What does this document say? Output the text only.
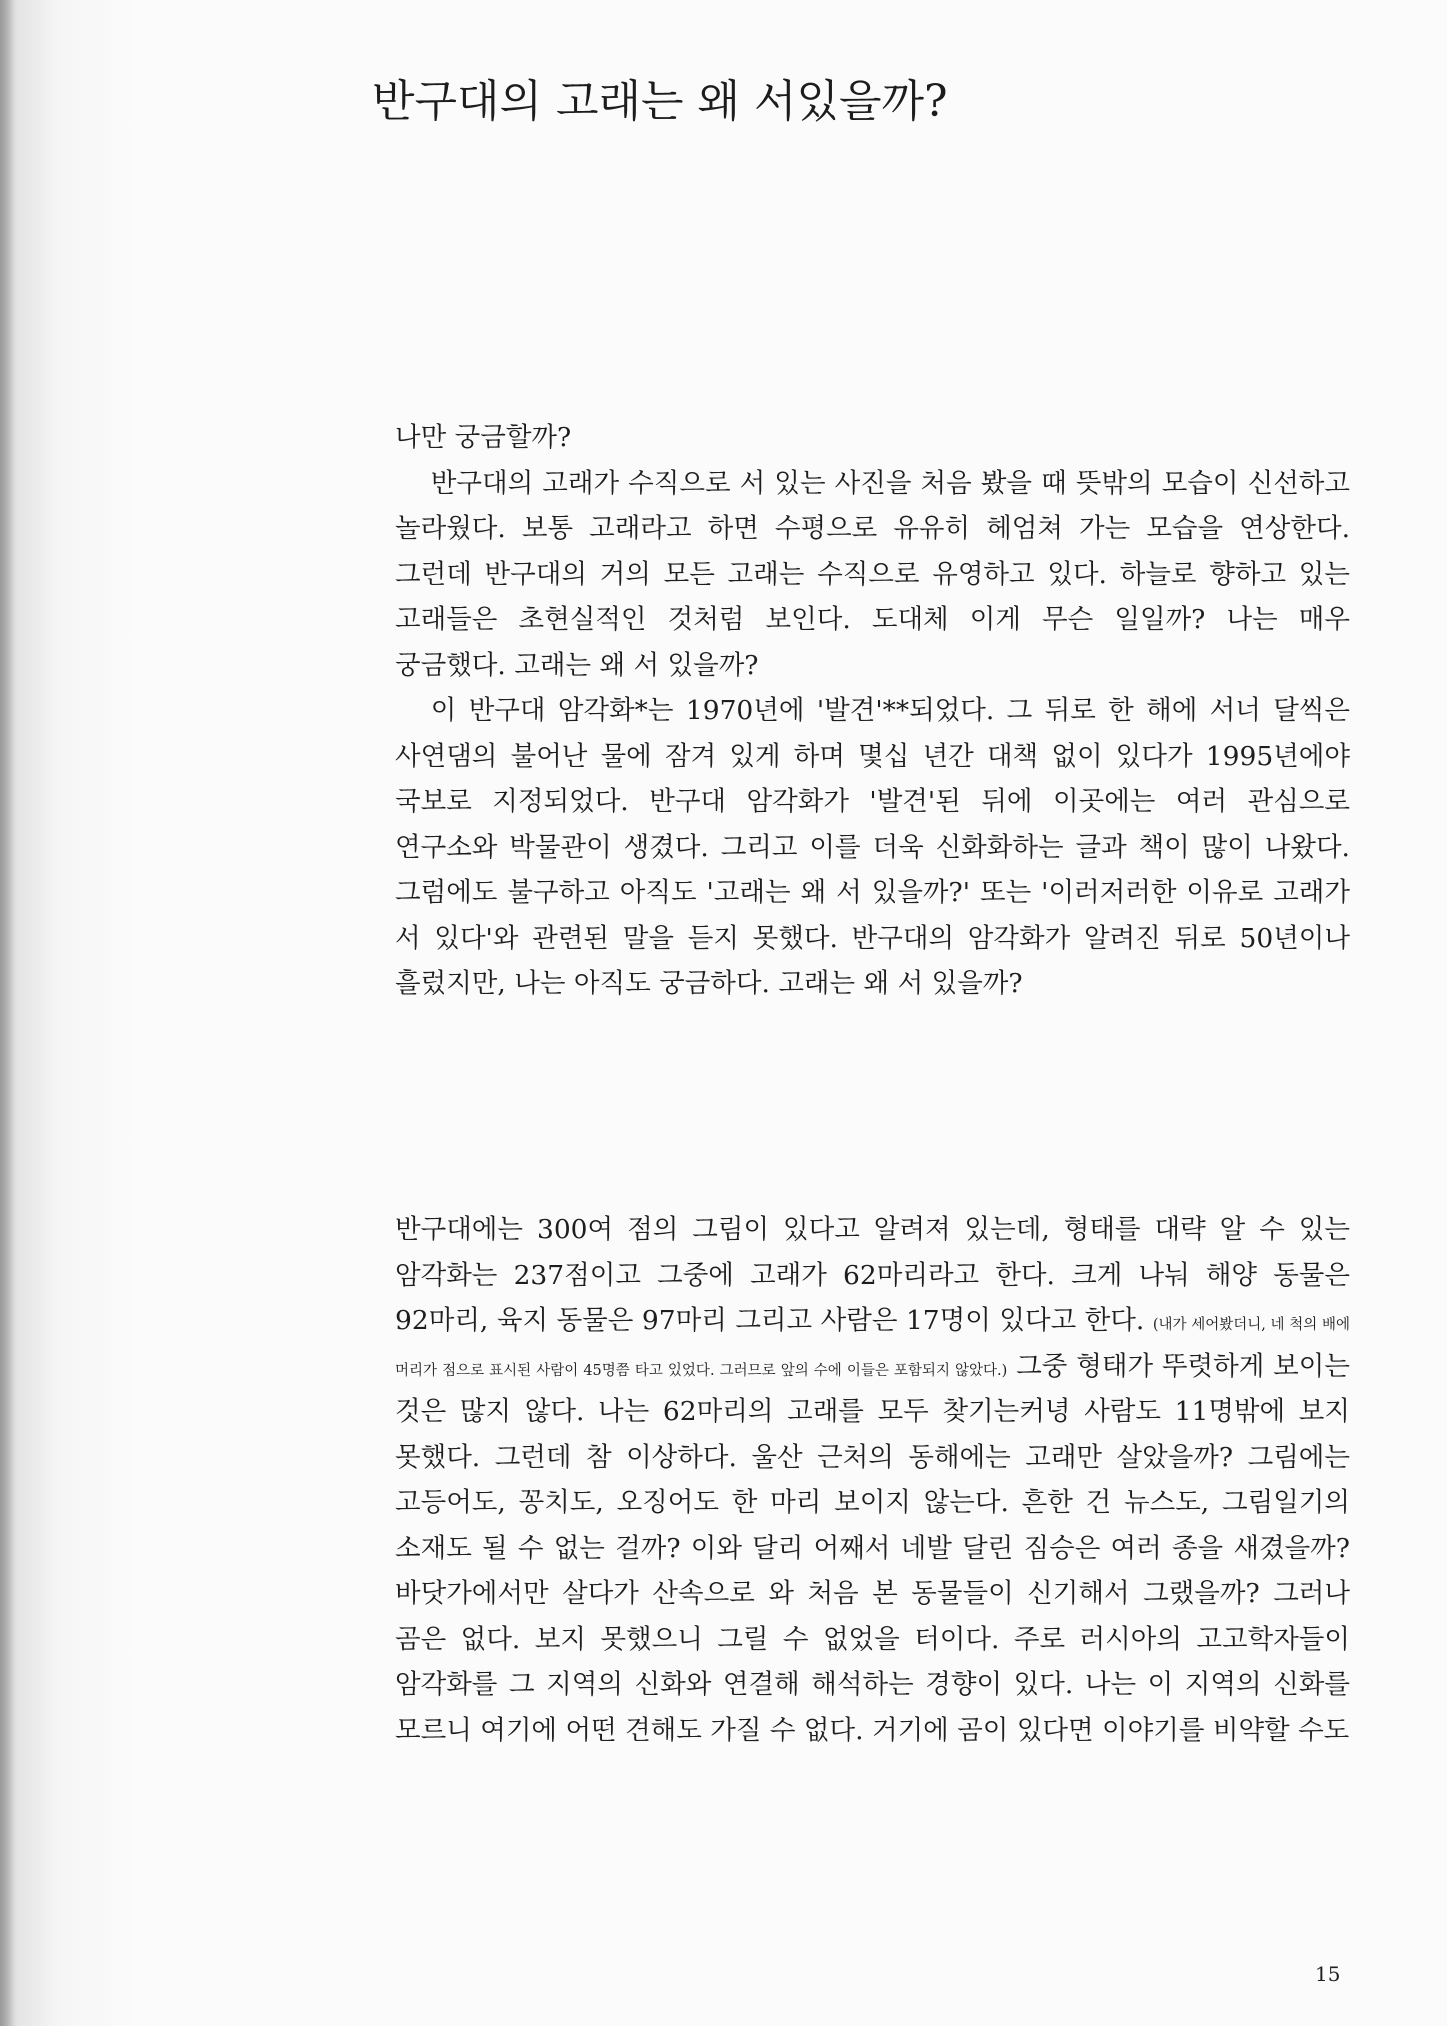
반구대의 고래는 왜 서있을까?

나만 궁금할까?

반구대의 고래가 수직으로 서 있는 사진을 처음 봤을 때 뜻밖의 모습이 신선하고 놀라웠다. 보통 고래라고 하면 수평으로 유유히 헤엄쳐 가는 모습을 연상한다. 그런데 반구대의 거의 모든 고래는 수직으로 유영하고 있다. 하늘로 향하고 있는 고래들은 초현실적인 것처럼 보인다. 도대체 이게 무슨 일일까? 나는 매우 궁금했다. 고래는 왜 서 있을까?

이 반구대 암각화*는 1970년에 '발견'**되었다. 그 뒤로 한 해에 서너 달씩은 사연댐의 불어난 물에 잠겨 있게 하며 몇십 년간 대책 없이 있다가 1995년에야 국보로 지정되었다. 반구대 암각화가 '발견'된 뒤에 이곳에는 여러 관심으로 연구소와 박물관이 생겼다. 그리고 이를 더욱 신화화하는 글과 책이 많이 나왔다. 그럼에도 불구하고 아직도 '고래는 왜 서 있을까?' 또는 '이러저러한 이유로 고래가 서 있다'와 관련된 말을 듣지 못했다. 반구대의 암각화가 알려진 뒤로 50년이나 흘렀지만, 나는 아직도 궁금하다. 고래는 왜 서 있을까?

반구대에는 300여 점의 그림이 있다고 알려져 있는데, 형태를 대략 알 수 있는 암각화는 237점이고 그중에 고래가 62마리라고 한다. 크게 나눠 해양 동물은 92마리, 육지 동물은 97마리 그리고 사람은 17명이 있다고 한다. (내가 세어봤더니, 네 척의 배에 머리가 점으로 표시된 사람이 45명쯤 타고 있었다. 그러므로 앞의 수에 이들은 포함되지 않았다.) 그중 형태가 뚜렷하게 보이는 것은 많지 않다. 나는 62마리의 고래를 모두 찾기는커녕 사람도 11명밖에 보지 못했다. 그런데 참 이상하다. 울산 근처의 동해에는 고래만 살았을까? 그림에는 고등어도, 꽁치도, 오징어도 한 마리 보이지 않는다. 흔한 건 뉴스도, 그림일기의 소재도 될 수 없는 걸까? 이와 달리 어째서 네발 달린 짐승은 여러 종을 새겼을까? 바닷가에서만 살다가 산속으로 와 처음 본 동물들이 신기해서 그랬을까? 그러나 곰은 없다. 보지 못했으니 그릴 수 없었을 터이다. 주로 러시아의 고고학자들이 암각화를 그 지역의 신화와 연결해 해석하는 경향이 있다. 나는 이 지역의 신화를 모르니 여기에 어떤 견해도 가질 수 없다. 거기에 곰이 있다면 이야기를 비약할 수도

15
